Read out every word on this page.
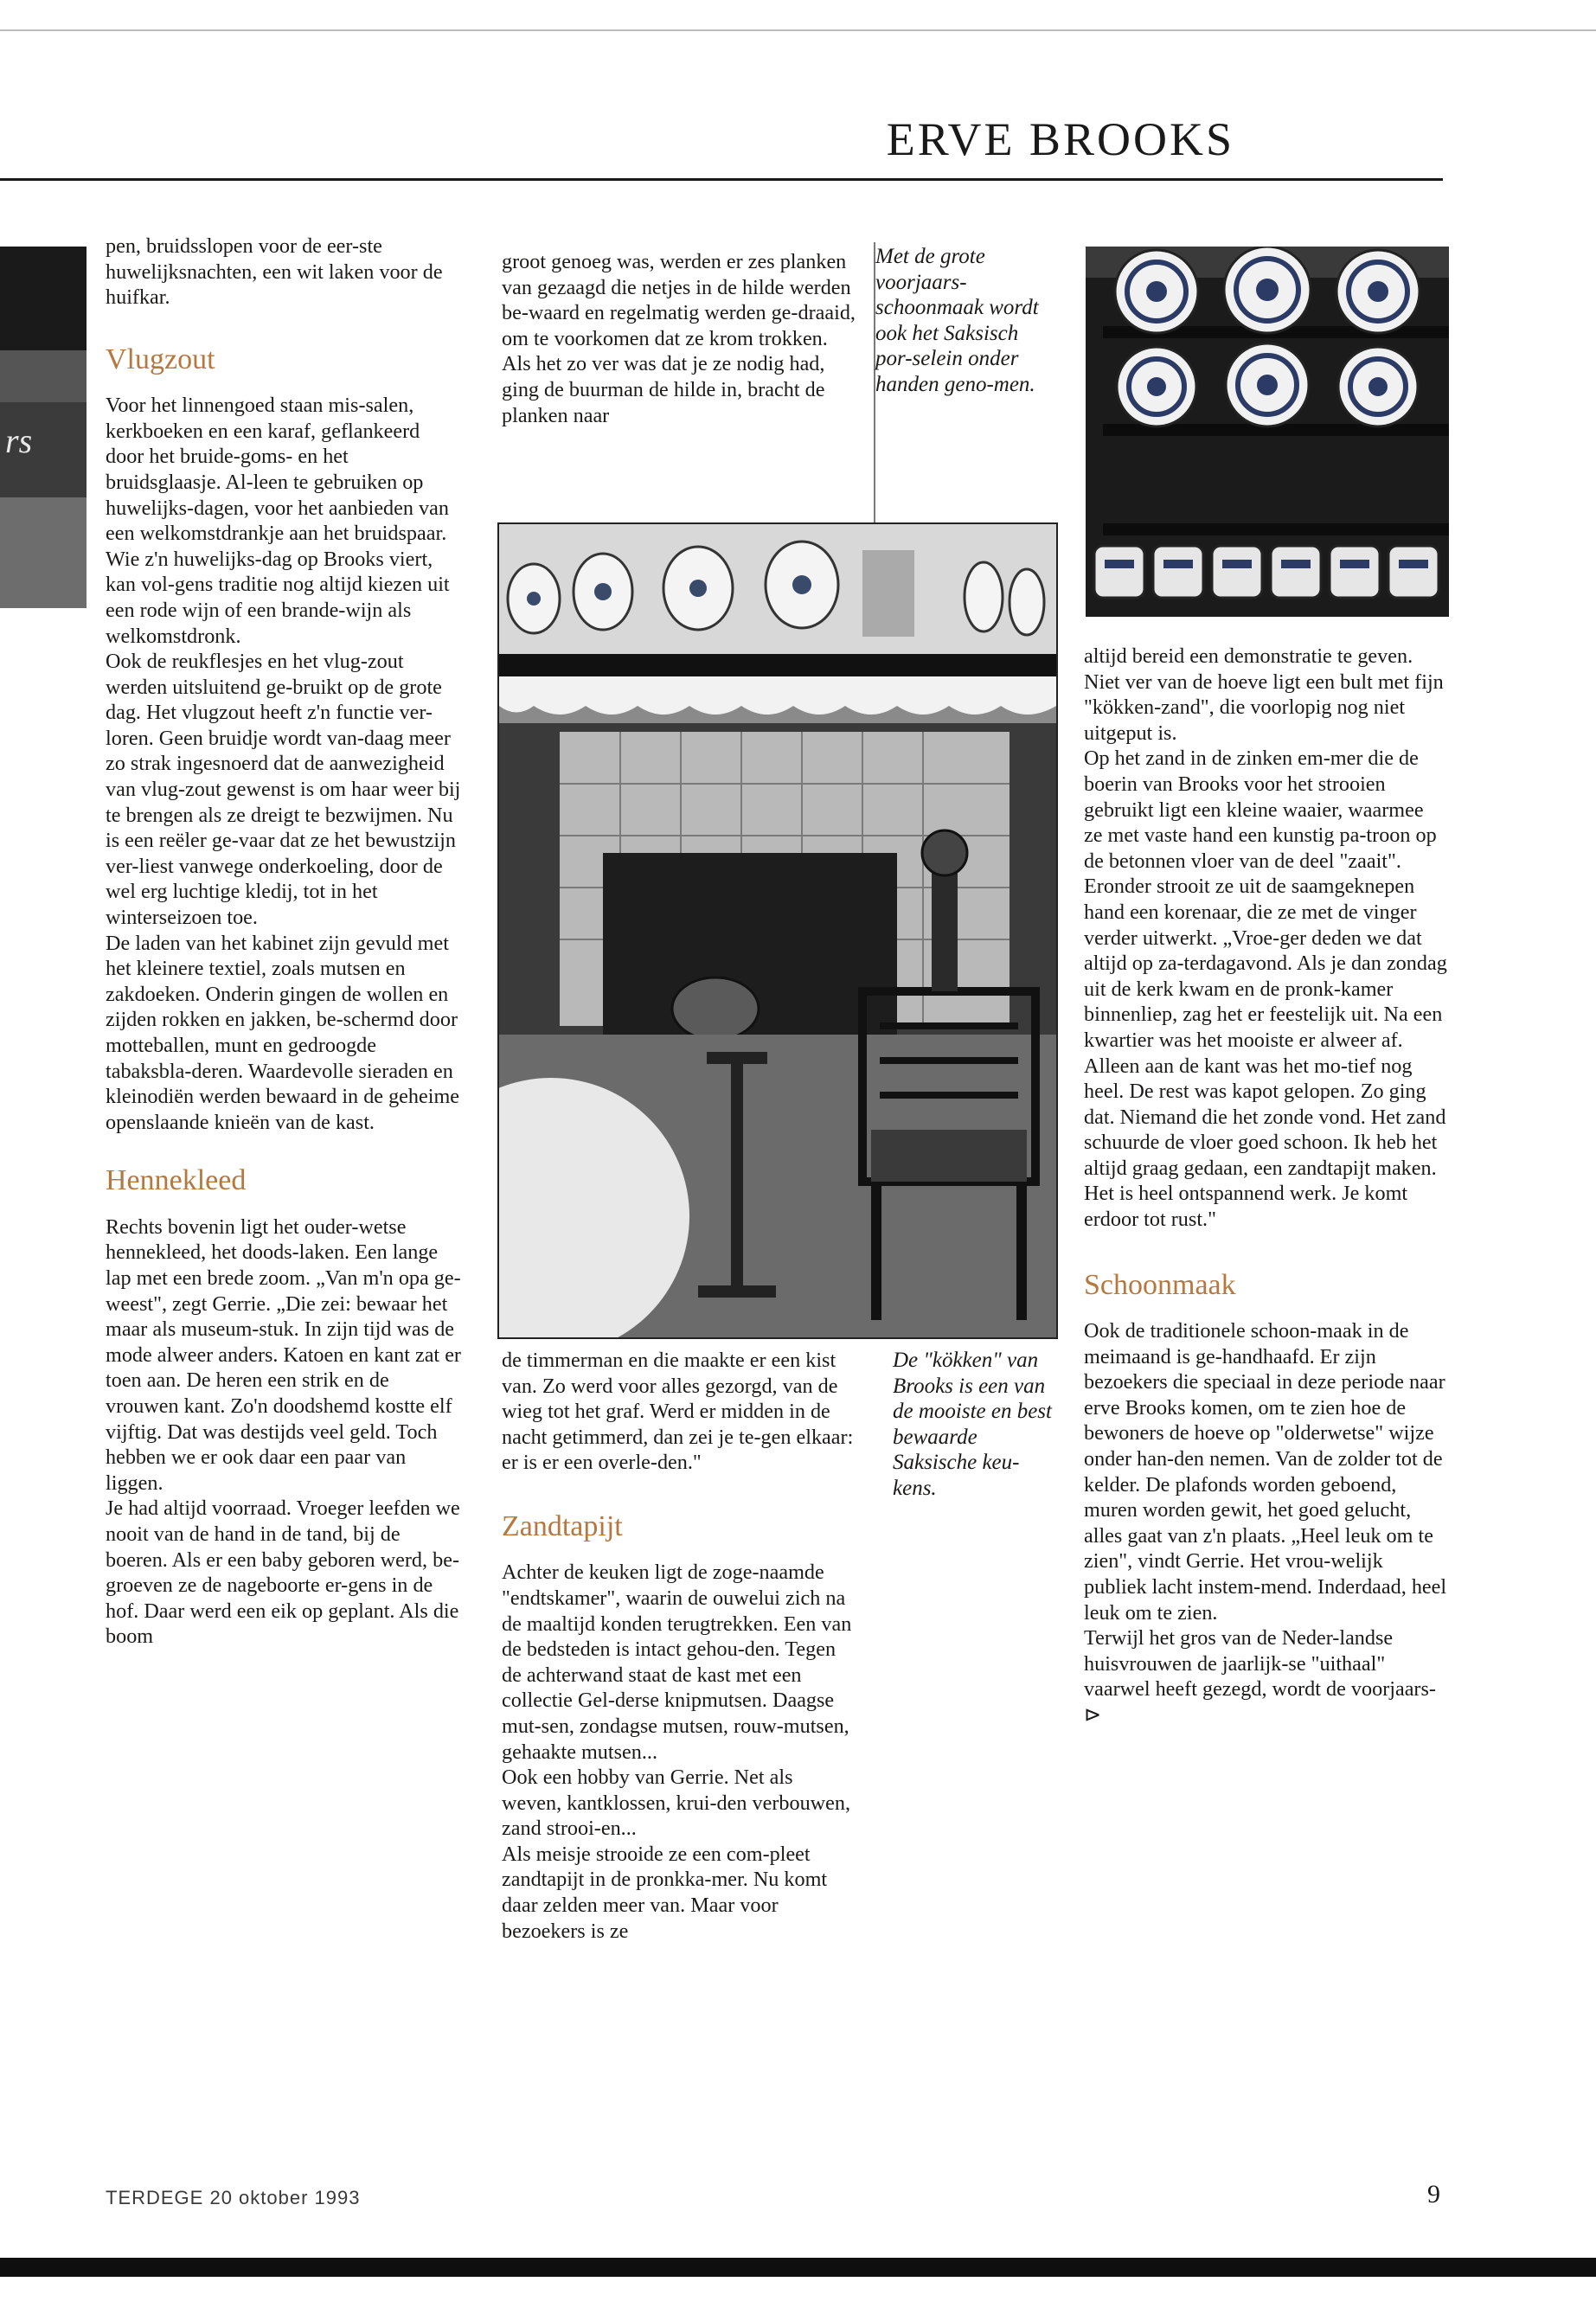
ERVE BROOKS
rs

pen, bruidsslopen voor de eer-ste huwelijksnachten, een wit laken voor de huifkar.

Vlugzout

Voor het linnengoed staan mis-salen, kerkboeken en een karaf, geflankeerd door het bruide-goms- en het bruidsglaasje. Al-leen te gebruiken op huwelijks-dagen, voor het aanbieden van een welkomstdrankje aan het bruidspaar. Wie z'n huwelijks-dag op Brooks viert, kan vol-gens traditie nog altijd kiezen uit een rode wijn of een brande-wijn als welkomstdronk.

Ook de reukflesjes en het vlug-zout werden uitsluitend ge-bruikt op de grote dag. Het vlugzout heeft z'n functie ver-loren. Geen bruidje wordt van-daag meer zo strak ingesnoerd dat de aanwezigheid van vlug-zout gewenst is om haar weer bij te brengen als ze dreigt te bezwijmen. Nu is een reëler ge-vaar dat ze het bewustzijn ver-liest vanwege onderkoeling, door de wel erg luchtige kledij, tot in het winterseizoen toe.

De laden van het kabinet zijn gevuld met het kleinere textiel, zoals mutsen en zakdoeken. Onderin gingen de wollen en zijden rokken en jakken, be-schermd door motteballen, munt en gedroogde tabaksbla-deren. Waardevolle sieraden en kleinodiën werden bewaard in de geheime openslaande knieën van de kast.

Hennekleed

Rechts bovenin ligt het ouder-wetse hennekleed, het doods-laken. Een lange lap met een brede zoom. „Van m'n opa ge-weest", zegt Gerrie. „Die zei: bewaar het maar als museum-stuk. In zijn tijd was de mode alweer anders. Katoen en kant zat er toen aan. De heren een strik en de vrouwen kant. Zo'n doodshemd kostte elf vijftig. Dat was destijds veel geld. Toch hebben we er ook daar een paar van liggen.

Je had altijd voorraad. Vroeger leefden we nooit van de hand in de tand, bij de boeren. Als er een baby geboren werd, be-groeven ze de nageboorte er-gens in de hof. Daar werd een eik op geplant. Als die boom

groot genoeg was, werden er zes planken van gezaagd die netjes in de hilde werden be-waard en regelmatig werden ge-draaid, om te voorkomen dat ze krom trokken.

Als het zo ver was dat je ze nodig had, ging de buurman de hilde in, bracht de planken naar

Met de grote voorjaars-schoonmaak wordt ook het Saksisch por-selein onder handen geno-men.

de timmerman en die maakte er een kist van. Zo werd voor alles gezorgd, van de wieg tot het graf. Werd er midden in de nacht getimmerd, dan zei je te-gen elkaar: er is er een overle-den."

Zandtapijt

Achter de keuken ligt de zoge-naamde "endtskamer", waarin de ouwelui zich na de maaltijd konden terugtrekken. Een van de bedsteden is intact gehou-den. Tegen de achterwand staat de kast met een collectie Gel-derse knipmutsen. Daagse mut-sen, zondagse mutsen, rouw-mutsen, gehaakte mutsen...

Ook een hobby van Gerrie. Net als weven, kantklossen, krui-den verbouwen, zand strooi-en...

Als meisje strooide ze een com-pleet zandtapijt in de pronkka-mer. Nu komt daar zelden meer van. Maar voor bezoekers is ze

De "kökken" van Brooks is een van de mooiste en best bewaarde Saksische keu-kens.

altijd bereid een demonstratie te geven. Niet ver van de hoeve ligt een bult met fijn "kökken-zand", die voorlopig nog niet uitgeput is.

Op het zand in de zinken em-mer die de boerin van Brooks voor het strooien gebruikt ligt een kleine waaier, waarmee ze met vaste hand een kunstig pa-troon op de betonnen vloer van de deel "zaait". Eronder strooit ze uit de saamgeknepen hand een korenaar, die ze met de vinger verder uitwerkt. „Vroe-ger deden we dat altijd op za-terdagavond. Als je dan zondag uit de kerk kwam en de pronk-kamer binnenliep, zag het er feestelijk uit. Na een kwartier was het mooiste er alweer af. Alleen aan de kant was het mo-tief nog heel. De rest was kapot gelopen. Zo ging dat. Niemand die het zonde vond. Het zand schuurde de vloer goed schoon. Ik heb het altijd graag gedaan, een zandtapijt maken. Het is heel ontspannend werk. Je komt erdoor tot rust."

Schoonmaak

Ook de traditionele schoon-maak in de meimaand is ge-handhaafd. Er zijn bezoekers die speciaal in deze periode naar erve Brooks komen, om te zien hoe de bewoners de hoeve op "olderwetse" wijze onder han-den nemen. Van de zolder tot de kelder. De plafonds worden geboend, muren worden gewit, het goed gelucht, alles gaat van z'n plaats. „Heel leuk om te zien", vindt Gerrie. Het vrou-welijk publiek lacht instem-mend. Inderdaad, heel leuk om te zien.

Terwijl het gros van de Neder-landse huisvrouwen de jaarlijk-se "uithaal" vaarwel heeft gezegd, wordt de voorjaars- ⊳

TERDEGE 20 oktober 1993	9
